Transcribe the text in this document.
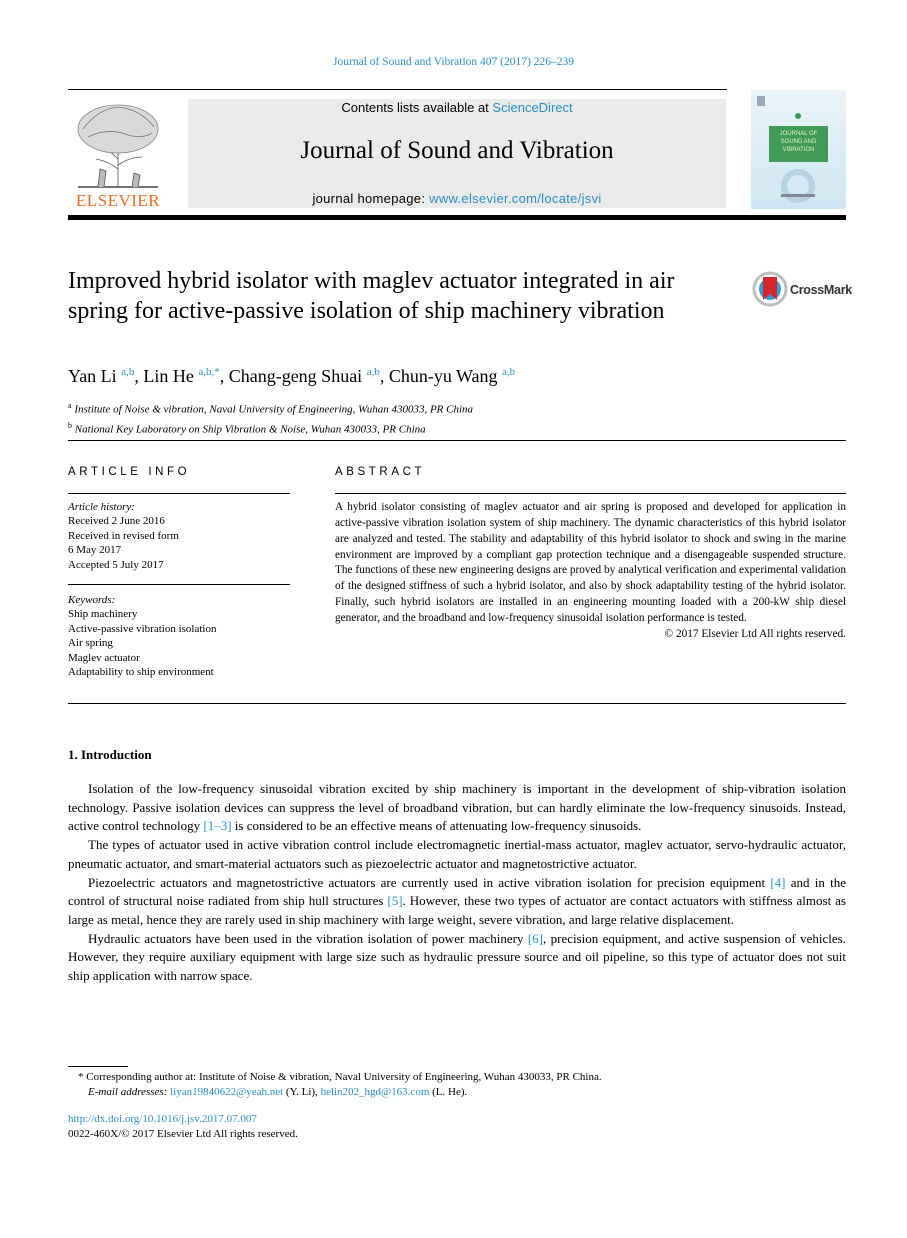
Journal of Sound and Vibration 407 (2017) 226–239
ELSEVIER
Contents lists available at ScienceDirect
Journal of Sound and Vibration
journal homepage: www.elsevier.com/locate/jsvi
JOURNAL OF SOUND AND VIBRATION
Improved hybrid isolator with maglev actuator integrated in air spring for active-passive isolation of ship machinery vibration
CrossMark
Yan Li $^{a,b}$, Lin He $^{a,b,*}$, Chang-geng Shuai $^{a,b}$, Chun-yu Wang $^{a,b}$
$^a$ Institute of Noise & vibration, Naval University of Engineering, Wuhan 430033, PR China
$^b$ National Key Laboratory on Ship Vibration & Noise, Wuhan 430033, PR China
ARTICLE INFO
Article history:
Received 2 June 2016
Received in revised form
6 May 2017
Accepted 5 July 2017
Keywords:
Ship machinery
Active-passive vibration isolation
Air spring
Maglev actuator
Adaptability to ship environment
ABSTRACT
A hybrid isolator consisting of maglev actuator and air spring is proposed and developed for application in active-passive vibration isolation system of ship machinery. The dynamic characteristics of this hybrid isolator are analyzed and tested. The stability and adaptability of this hybrid isolator to shock and swing in the marine environment are improved by a compliant gap protection technique and a disengageable suspended structure. The functions of these new engineering designs are proved by analytical verification and experimental validation of the designed stiffness of such a hybrid isolator, and also by shock adaptability testing of the hybrid isolator. Finally, such hybrid isolators are installed in an engineering mounting loaded with a 200-kW ship diesel generator, and the broadband and low-frequency sinusoidal isolation performance is tested.
© 2017 Elsevier Ltd All rights reserved.
1. Introduction

Isolation of the low-frequency sinusoidal vibration excited by ship machinery is important in the development of ship-vibration isolation technology. Passive isolation devices can suppress the level of broadband vibration, but can hardly eliminate the low-frequency sinusoids. Instead, active control technology [1–3] is considered to be an effective means of attenuating low-frequency sinusoids.

The types of actuator used in active vibration control include electromagnetic inertial-mass actuator, maglev actuator, servo-hydraulic actuator, pneumatic actuator, and smart-material actuators such as piezoelectric actuator and magnetostrictive actuator.

Piezoelectric actuators and magnetostrictive actuators are currently used in active vibration isolation for precision equipment [4] and in the control of structural noise radiated from ship hull structures [5]. However, these two types of actuator are contact actuators with stiffness almost as large as metal, hence they are rarely used in ship machinery with large weight, severe vibration, and large relative displacement.

Hydraulic actuators have been used in the vibration isolation of power machinery [6], precision equipment, and active suspension of vehicles. However, they require auxiliary equipment with large size such as hydraulic pressure source and oil pipeline, so this type of actuator does not suit ship application with narrow space.

* Corresponding author at: Institute of Noise & vibration, Naval University of Engineering, Wuhan 430033, PR China.
E-mail addresses: liyan19840622@yeah.net (Y. Li), helin202_hgd@163.com (L. He).
http://dx.doi.org/10.1016/j.jsv.2017.07.007
0022-460X/© 2017 Elsevier Ltd All rights reserved.
